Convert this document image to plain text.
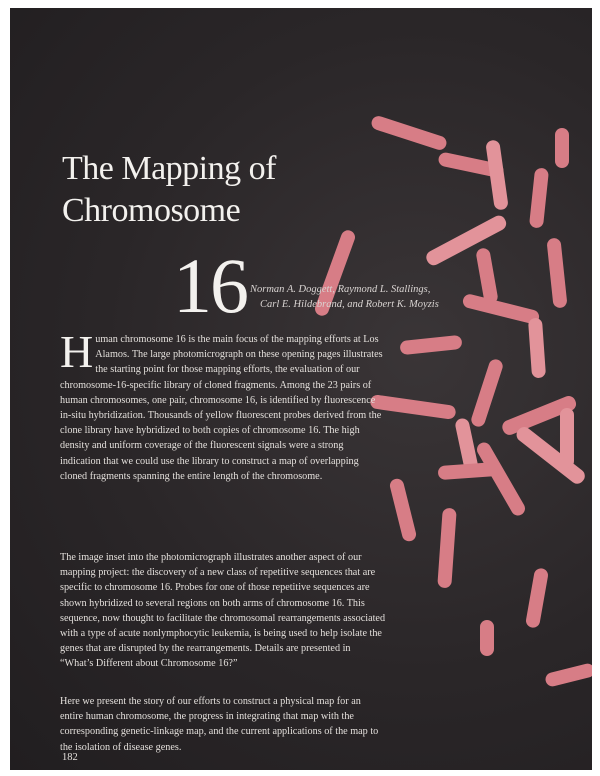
The Mapping of
Chromosome
16 Norman A. Doggett, Raymond L. Stallings,
Carl E. Hildebrand, and Robert K. Moyzis

Human chromosome 16 is the main focus of the mapping efforts at Los Alamos. The large photomicrograph on these opening pages illustrates the starting point for those mapping efforts, the evaluation of our chromosome-16-specific library of cloned fragments. Among the 23 pairs of human chromosomes, one pair, chromosome 16, is identified by fluorescence in-situ hybridization. Thousands of yellow fluorescent probes derived from the clone library have hybridized to both copies of chromosome 16. The high density and uniform coverage of the fluorescent signals were a strong indication that we could use the library to construct a map of overlapping cloned fragments spanning the entire length of the chromosome.

The image inset into the photomicrograph illustrates another aspect of our mapping project: the discovery of a new class of repetitive sequences that are specific to chromosome 16. Probes for one of those repetitive sequences are shown hybridized to several regions on both arms of chromosome 16. This sequence, now thought to facilitate the chromosomal rearrangements associated with a type of acute nonlymphocytic leukemia, is being used to help isolate the genes that are disrupted by the rearrangements. Details are presented in “What’s Different about Chromosome 16?”

Here we present the story of our efforts to construct a physical map for an entire human chromosome, the progress in integrating that map with the corresponding genetic-linkage map, and the current applications of the map to the isolation of disease genes.

182
